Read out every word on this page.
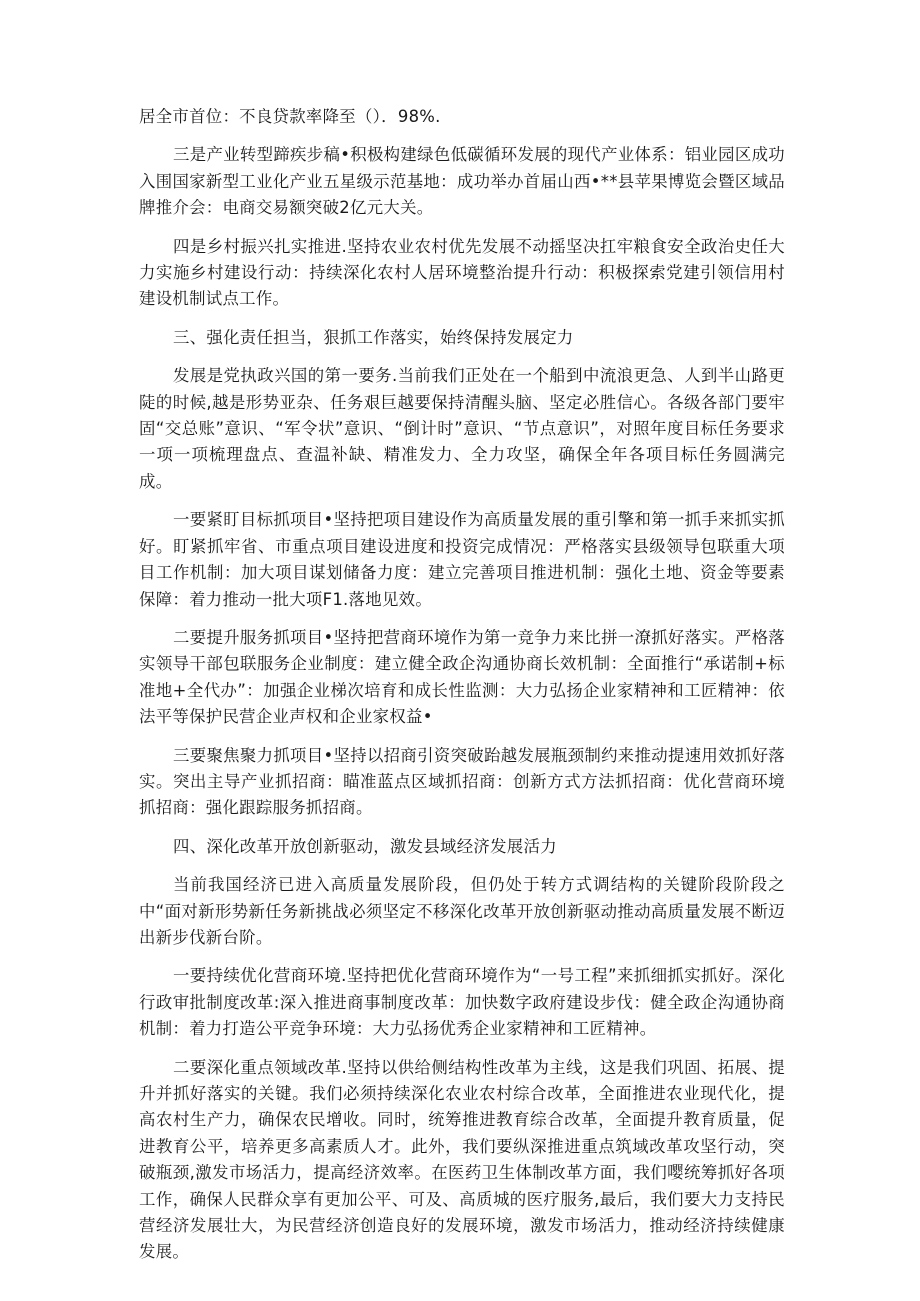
居全市首位：不良贷款率降至（）．98%.

三是产业转型蹄疾步稿•积极构建绿色低碳循环发展的现代产业体系：铝业园区成功入围国家新型工业化产业五星级示范基地：成功举办首届山西•**县苹果博览会暨区域品牌推介会：电商交易额突破2亿元大关。

四是乡村振兴扎实推进.坚持农业农村优先发展不动摇坚决扛牢粮食安全政治史任大力实施乡村建设行动：持续深化农村人居环境整治提升行动：积极探索党建引领信用村建设机制试点工作。

三、强化责任担当，狠抓工作落实，始终保持发展定力

发展是党执政兴国的第一要务.当前我们正处在一个船到中流浪更急、人到半山路更陡的时候,越是形势亚杂、任务艰巨越要保持清醒头脑、坚定必胜信心。各级各部门要牢固“交总账”意识、“军令状”意识、“倒计时”意识、“节点意识”，对照年度目标任务要求一项一项梳理盘点、查温补缺、精准发力、全力攻坚，确保全年各项目标任务圆满完成。

一要紧盯目标抓项目•坚持把项目建设作为高质量发展的重引擎和第一抓手来抓实抓好。盯紧抓牢省、市重点项目建设进度和投资完成情况：严格落实县级领导包联重大项目工作机制：加大项目谋划储备力度：建立完善项目推进机制：强化土地、资金等要素保障：着力推动一批大项F1.落地见效。

二要提升服务抓项目•坚持把营商环境作为第一竞争力来比拼一潦抓好落实。严格落实领导干部包联服务企业制度：建立健全政企沟通协商长效机制：全面推行“承诺制+标准地+全代办”：加强企业梯次培育和成长性监测：大力弘扬企业家精神和工匠精神：依法平等保护民营企业声权和企业家权益•

三要聚焦聚力抓项目•坚持以招商引资突破跆越发展瓶颈制约来推动提速用效抓好落实。突出主导产业抓招商：瞄准蓝点区域抓招商：创新方式方法抓招商：优化营商环境抓招商：强化跟踪服务抓招商。

四、深化改革开放创新驱动，激发县域经济发展活力

当前我国经济已进入高质量发展阶段，但仍处于转方式调结构的关键阶段阶段之中“面对新形势新任务新挑战必须坚定不移深化改革开放创新驱动推动高质量发展不断迈出新步伐新台阶。

一要持续优化营商环境.坚持把优化营商环境作为“一号工程”来抓细抓实抓好。深化行政审批制度改革:深入推进商事制度改革：加快数字政府建设步伐：健全政企沟通协商机制：着力打造公平竞争环境：大力弘扬优秀企业家精神和工匠精神。

二要深化重点领域改革.坚持以供给侧结构性改革为主线，这是我们巩固、拓展、提升并抓好落实的关键。我们必须持续深化农业农村综合改革，全面推进农业现代化，提高农村生产力，确保农民增收。同时，统筹推进教育综合改革，全面提升教育质量，促进教育公平，培养更多高素质人才。此外，我们要纵深推进重点筑域改革攻坚行动，突破瓶颈,激发市场活力，提高经济效率。在医药卫生体制改革方面，我们嘤统筹抓好各项工作，确保人民群众享有更加公平、可及、高质城的医疗服务,最后，我们要大力支持民营经济发展壮大，为民营经济创造良好的发展环境，激发市场活力，推动经济持续健康发展。
